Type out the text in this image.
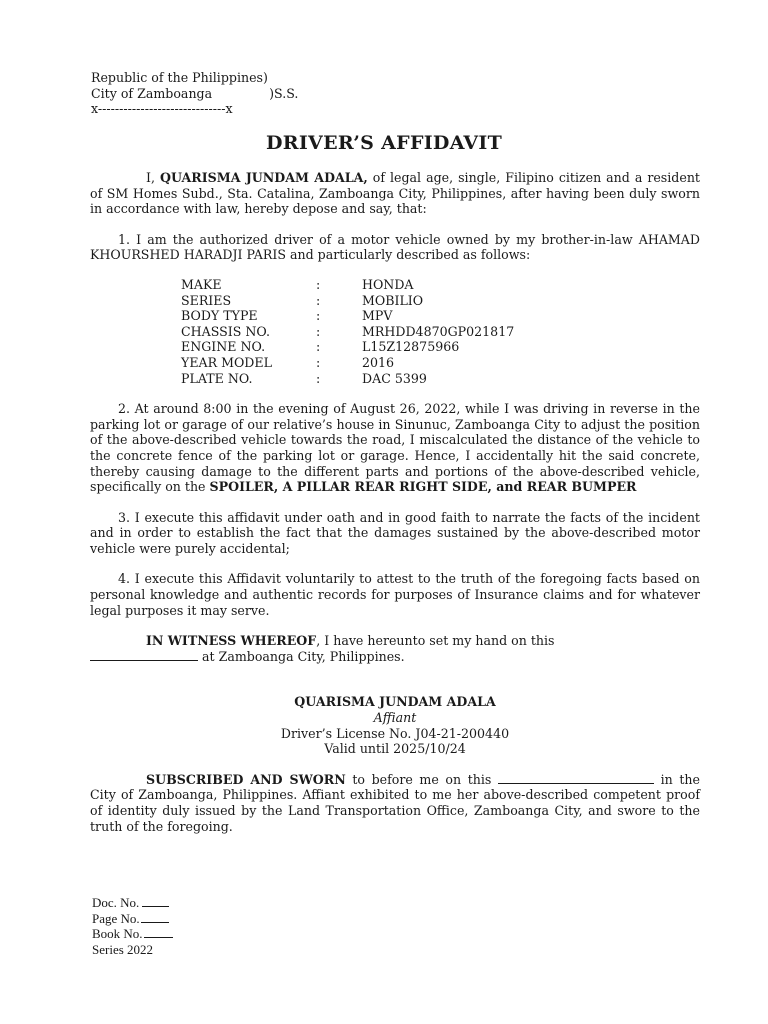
Republic of the Philippines)
City of Zamboanga	)S.S.
x------------------------------x
DRIVER’S AFFIDAVIT

I, QUARISMA JUNDAM ADALA, of legal age, single, Filipino citizen and a resident of SM Homes Subd., Sta. Catalina, Zamboanga City, Philippines, after having been duly sworn in accordance with law, hereby depose and say, that:

1. I am the authorized driver of a motor vehicle owned by my brother-in-law AHAMAD KHOURSHED HARADJI PARIS and particularly described as follows:

MAKE	:	HONDA
SERIES	:	MOBILIO
BODY TYPE	:	MPV
CHASSIS NO.	:	MRHDD4870GP021817
ENGINE NO.	:	L15Z12875966
YEAR MODEL	:	2016
PLATE NO.	:	DAC 5399

2. At around 8:00 in the evening of August 26, 2022, while I was driving in reverse in the parking lot or garage of our relative’s house in Sinunuc, Zamboanga City to adjust the position of the above-described vehicle towards the road, I miscalculated the distance of the vehicle to the concrete fence of the parking lot or garage. Hence, I accidentally hit the said concrete, thereby causing damage to the different parts and portions of the above-described vehicle, specifically on the SPOILER, A PILLAR REAR RIGHT SIDE, and REAR BUMPER

3. I execute this affidavit under oath and in good faith to narrate the facts of the incident and in order to establish the fact that the damages sustained by the above-described motor vehicle were purely accidental;

4. I execute this Affidavit voluntarily to attest to the truth of the foregoing facts based on personal knowledge and authentic records for purposes of Insurance claims and for whatever legal purposes it may serve.

IN WITNESS WHEREOF, I have hereunto set my hand on this
at Zamboanga City, Philippines.

QUARISMA JUNDAM ADALA
Affiant
Driver’s License No. J04-21-200440
Valid until 2025/10/24

SUBSCRIBED AND SWORN to before me on this	in the City of Zamboanga, Philippines. Affiant exhibited to me her above-described competent proof of identity duly issued by the Land Transportation Office, Zamboanga City, and swore to the truth of the foregoing.

Doc. No.
Page No.
Book No.
Series 2022
